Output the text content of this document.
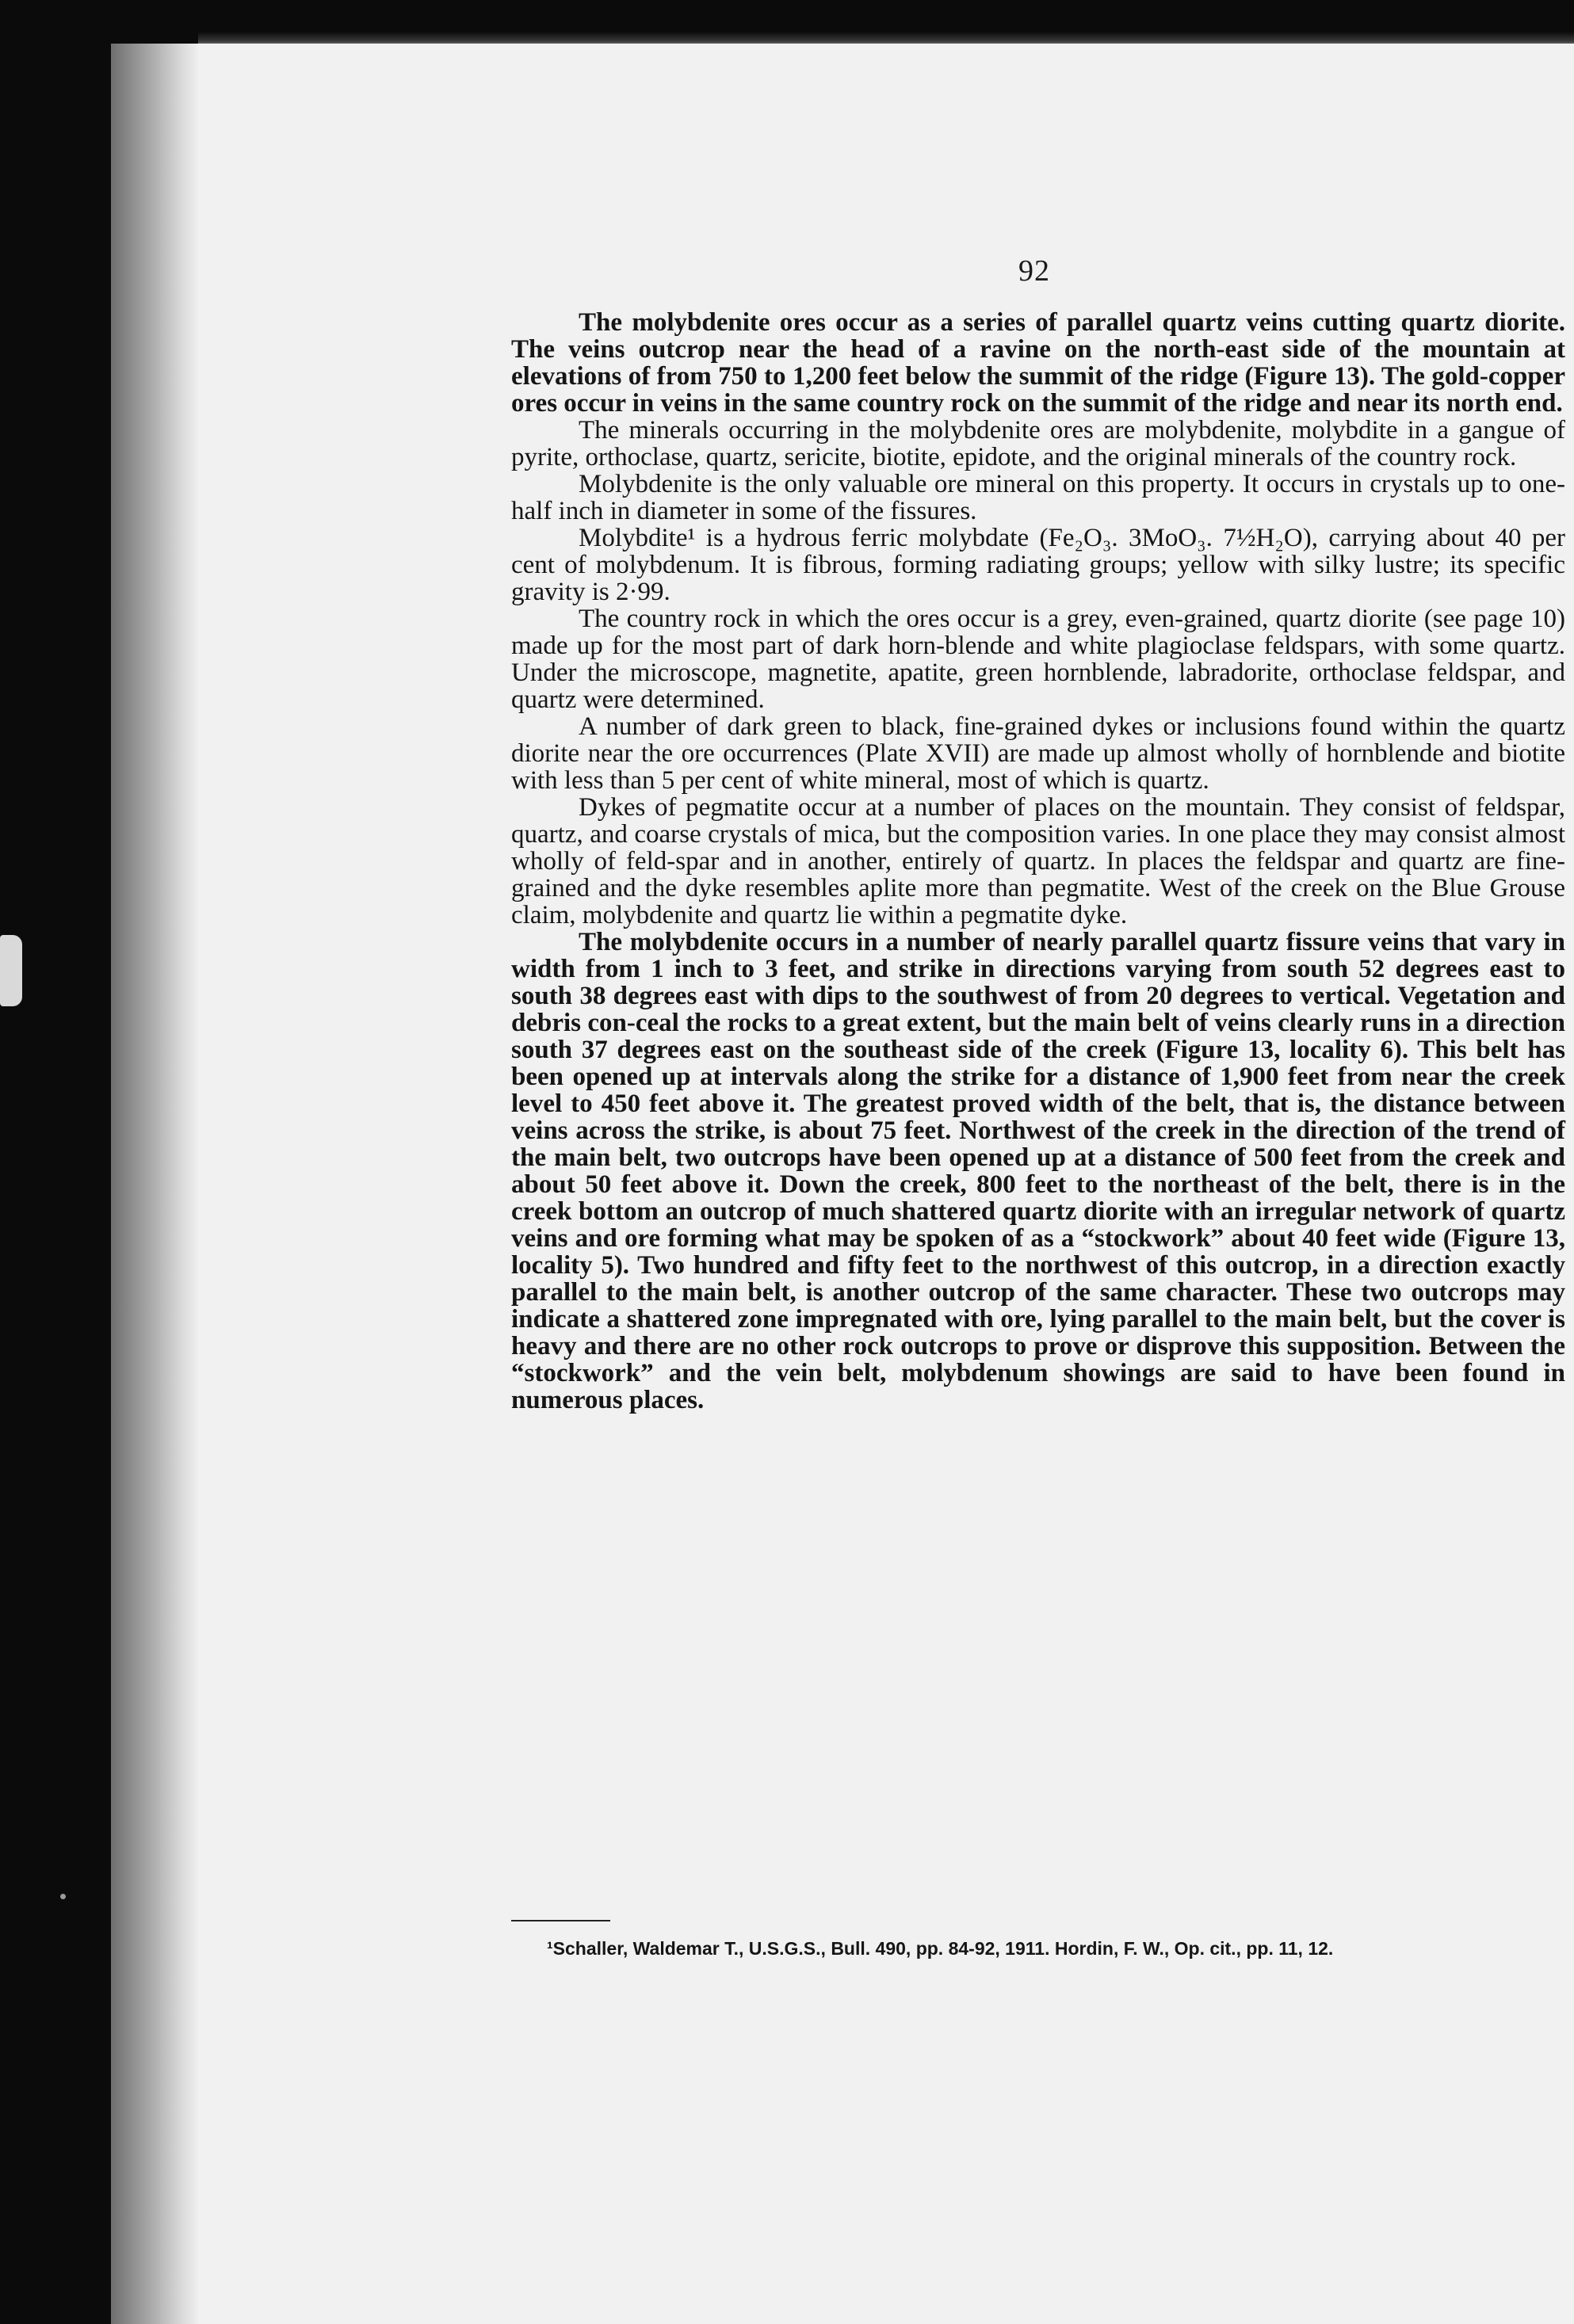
92

The molybdenite ores occur as a series of parallel quartz veins cutting quartz diorite. The veins outcrop near the head of a ravine on the north-east side of the mountain at elevations of from 750 to 1,200 feet below the summit of the ridge (Figure 13). The gold-copper ores occur in veins in the same country rock on the summit of the ridge and near its north end.

The minerals occurring in the molybdenite ores are molybdenite, molybdite in a gangue of pyrite, orthoclase, quartz, sericite, biotite, epidote, and the original minerals of the country rock.

Molybdenite is the only valuable ore mineral on this property. It occurs in crystals up to one-half inch in diameter in some of the fissures.

Molybdite¹ is a hydrous ferric molybdate (Fe₂O₃. 3MoO₃. 7½H₂O), carrying about 40 per cent of molybdenum. It is fibrous, forming radiating groups; yellow with silky lustre; its specific gravity is 2·99.

The country rock in which the ores occur is a grey, even-grained, quartz diorite (see page 10) made up for the most part of dark horn-blende and white plagioclase feldspars, with some quartz. Under the microscope, magnetite, apatite, green hornblende, labradorite, orthoclase feldspar, and quartz were determined.

A number of dark green to black, fine-grained dykes or inclusions found within the quartz diorite near the ore occurrences (Plate XVII) are made up almost wholly of hornblende and biotite with less than 5 per cent of white mineral, most of which is quartz.

Dykes of pegmatite occur at a number of places on the mountain. They consist of feldspar, quartz, and coarse crystals of mica, but the composition varies. In one place they may consist almost wholly of feld-spar and in another, entirely of quartz. In places the feldspar and quartz are fine-grained and the dyke resembles aplite more than pegmatite. West of the creek on the Blue Grouse claim, molybdenite and quartz lie within a pegmatite dyke.

The molybdenite occurs in a number of nearly parallel quartz fissure veins that vary in width from 1 inch to 3 feet, and strike in directions varying from south 52 degrees east to south 38 degrees east with dips to the southwest of from 20 degrees to vertical. Vegetation and debris con-ceal the rocks to a great extent, but the main belt of veins clearly runs in a direction south 37 degrees east on the southeast side of the creek (Figure 13, locality 6). This belt has been opened up at intervals along the strike for a distance of 1,900 feet from near the creek level to 450 feet above it. The greatest proved width of the belt, that is, the distance between veins across the strike, is about 75 feet. Northwest of the creek in the direction of the trend of the main belt, two outcrops have been opened up at a distance of 500 feet from the creek and about 50 feet above it. Down the creek, 800 feet to the northeast of the belt, there is in the creek bottom an outcrop of much shattered quartz diorite with an irregular network of quartz veins and ore forming what may be spoken of as a “stockwork” about 40 feet wide (Figure 13, locality 5). Two hundred and fifty feet to the northwest of this outcrop, in a direction exactly parallel to the main belt, is another outcrop of the same character. These two outcrops may indicate a shattered zone impregnated with ore, lying parallel to the main belt, but the cover is heavy and there are no other rock outcrops to prove or disprove this supposition. Between the “stockwork” and the vein belt, molybdenum showings are said to have been found in numerous places.

¹Schaller, Waldemar T., U.S.G.S., Bull. 490, pp. 84-92, 1911. Hordin, F. W., Op. cit., pp. 11, 12.
